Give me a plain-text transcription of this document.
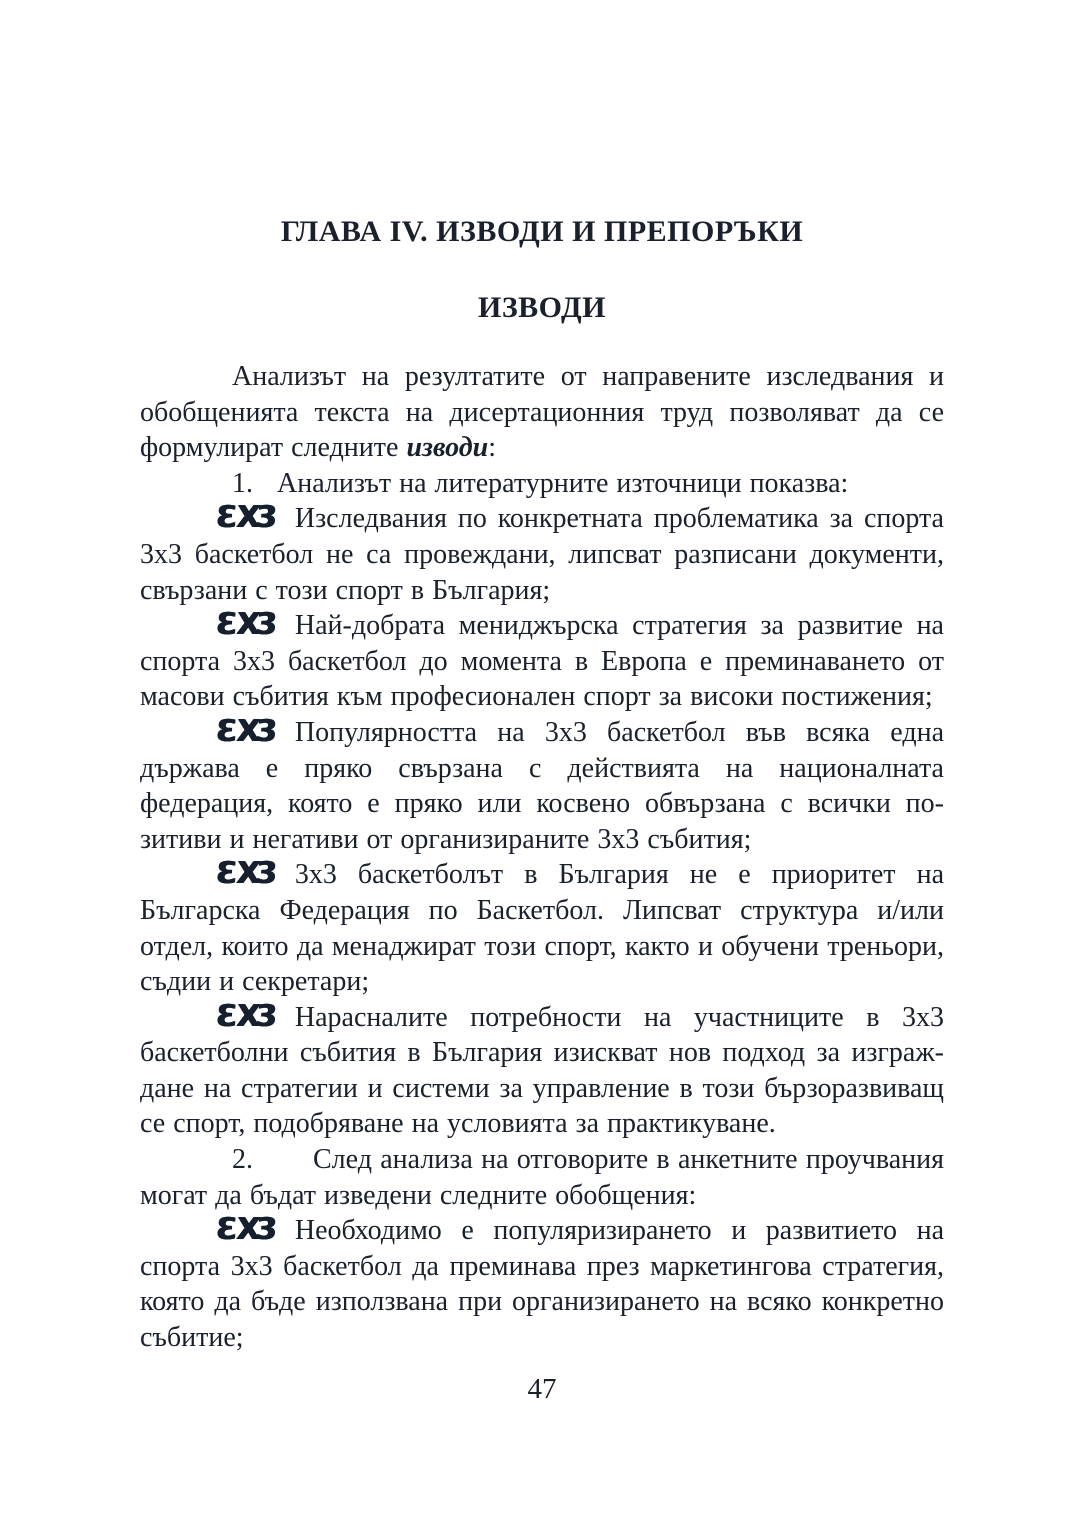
ГЛАВА IV. ИЗВОДИ И ПРЕПОРЪКИ
ИЗВОДИ

Анализът на резултатите от направените изследвания и обобщенията текста на дисертационния труд позволяват да се формулират следните изводи:

1. Анализът на литературните източници показва:

3X3 Изследвания по конкретната проблематика за спорта 3х3 баскетбол не са провеждани, липсват разписани документи, свързани с този спорт в България;

3X3 Най-добрата мениджърска стратегия за развитие на спорта 3х3 баскетбол до момента в Европа е преминаването от масови събития към професионален спорт за високи постижения;

3X3 Популярността на 3х3 баскетбол във всяка една държава е пряко свързана с действията на националната федерация, която е пряко или косвено обвързана с всички позитиви и негативи от организираните 3х3 събития;

3X3 3х3 баскетболът в България не е приоритет на Българска Федерация по Баскетбол. Липсват структура и/или отдел, които да менаджират този спорт, както и обучени треньори, съдии и секретари;

3X3 Нарасналите потребности на участниците в 3х3 баскетболни събития в България изискват нов подход за изграждане на стратегии и системи за управление в този бързоразвиващ се спорт, подобряване на условията за практикуване.

2. След анализа на отговорите в анкетните проучвания могат да бъдат изведени следните обобщения:

3X3 Необходимо е популяризирането и развитието на спорта 3х3 баскетбол да преминава през маркетингова стратегия, която да бъде използвана при организирането на всяко конкретно събитие;

47
